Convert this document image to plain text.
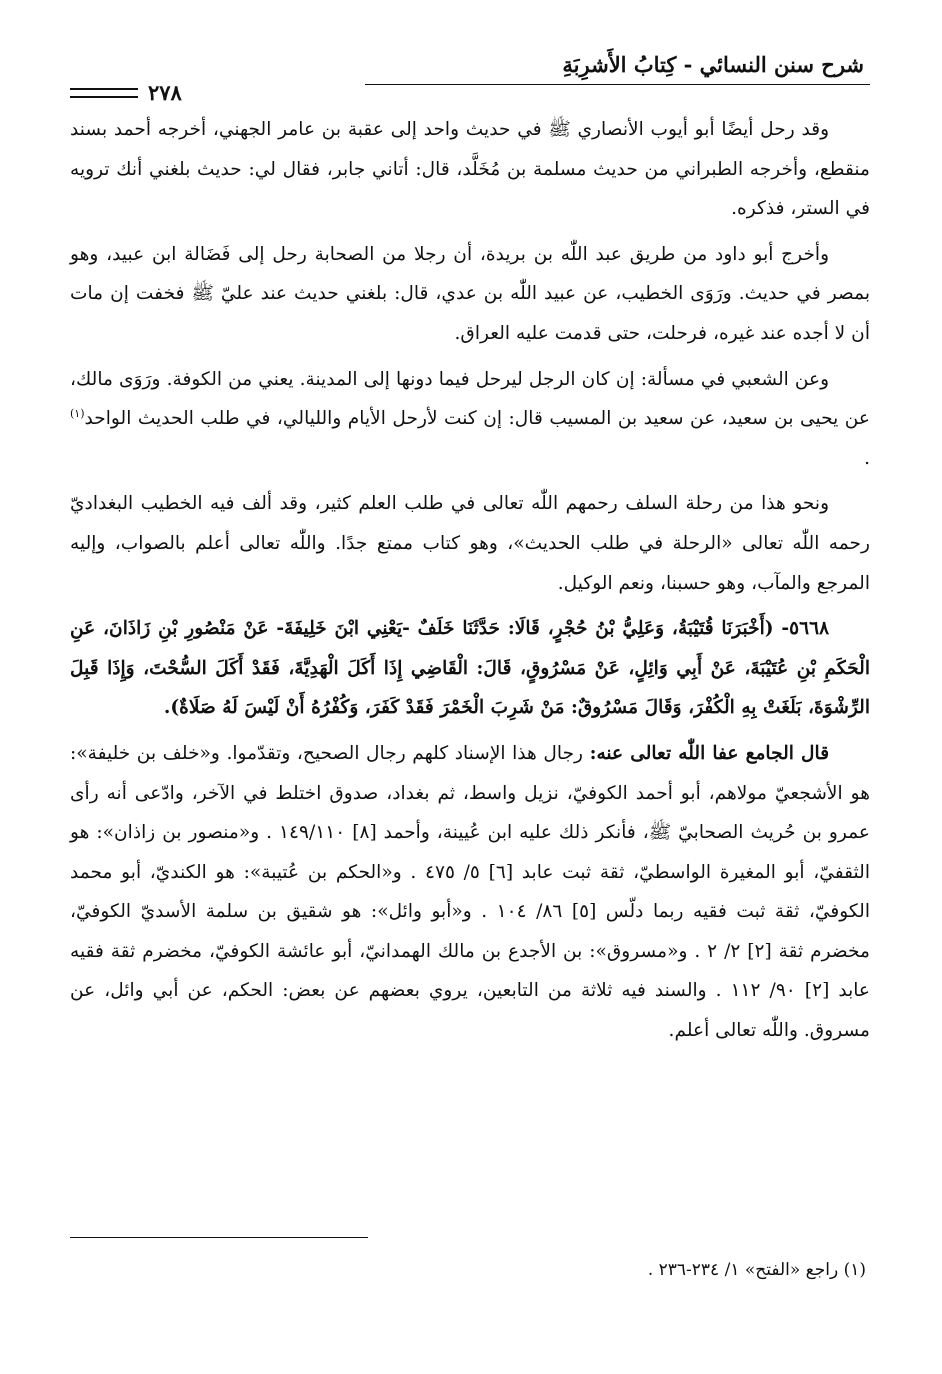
شرح سنن النسائي - كِتابُ الأَشرِبَةِ
٢٧٨

وقد رحل أيضًا أبو أيوب الأنصاري ﷺ في حديث واحد إلى عقبة بن عامر الجهني، أخرجه أحمد بسند منقطع، وأخرجه الطبراني من حديث مسلمة بن مُخَلَّد، قال: أتاني جابر، فقال لي: حديث بلغني أنك ترويه في الستر، فذكره.

وأخرج أبو داود من طريق عبد اللّٰه بن بريدة، أن رجلا من الصحابة رحل إلى فَضَالة ابن عبيد، وهو بمصر في حديث. ورَوَى الخطيب، عن عبيد اللّٰه بن عدي، قال: بلغني حديث عند عليّ ﷺ فخفت إن مات أن لا أجده عند غيره، فرحلت، حتى قدمت عليه العراق.

وعن الشعبي في مسألة: إن كان الرجل ليرحل فيما دونها إلى المدينة. يعني من الكوفة. ورَوَى مالك، عن يحيى بن سعيد، عن سعيد بن المسيب قال: إن كنت لأرحل الأيام والليالي، في طلب الحديث الواحد$^{(١)}$ .

ونحو هذا من رحلة السلف رحمهم اللّٰه تعالى في طلب العلم كثير، وقد ألف فيه الخطيب البغداديّ رحمه اللّٰه تعالى «الرحلة في طلب الحديث»، وهو كتاب ممتع جدًا. واللّٰه تعالى أعلم بالصواب، وإليه المرجع والمآب، وهو حسبنا، ونعم الوكيل.

٥٦٦٨- (أَخْبَرَنَا قُتَيْبَةُ، وَعَلِيُّ بْنُ حُجْرٍ، قَالَا: حَدَّثَنَا خَلَفٌ -يَعْنِي ابْنَ خَلِيفَةَ- عَنْ مَنْصُورِ بْنِ زَاذَانَ، عَنِ الْحَكَمِ بْنِ عُتَيْبَةَ، عَنْ أَبِي وَائِلٍ، عَنْ مَسْرُوقٍ، قَالَ: الْقَاضِي إِذَا أَكَلَ الْهَدِيَّةَ، فَقَدْ أَكَلَ السُّحْتَ، وَإِذَا قَبِلَ الرِّشْوَةَ، بَلَغَتْ بِهِ الْكُفْرَ، وَقَالَ مَسْرُوقٌ: مَنْ شَرِبَ الْخَمْرَ فَقَدْ كَفَرَ، وَكُفْرُهُ أَنْ لَيْسَ لَهُ صَلَاةٌ).

قال الجامع عفا اللّٰه تعالى عنه: رجال هذا الإسناد كلهم رجال الصحيح، وتقدّموا. و«خلف بن خليفة»: هو الأشجعيّ مولاهم، أبو أحمد الكوفيّ، نزيل واسط، ثم بغداد، صدوق اختلط في الآخر، وادّعى أنه رأى عمرو بن حُريث الصحابيّ ﷺ، فأنكر ذلك عليه ابن عُيينة، وأحمد [٨] ١٤٩/١١٠ . و«منصور بن زاذان»: هو الثقفيّ، أبو المغيرة الواسطيّ، ثقة ثبت عابد [٦] ٥/ ٤٧٥ . و«الحكم بن عُتيبة»: هو الكنديّ، أبو محمد الكوفيّ، ثقة ثبت فقيه ربما دلّس [٥] ٨٦/ ١٠٤ . و«أبو وائل»: هو شقيق بن سلمة الأسديّ الكوفيّ، مخضرم ثقة [٢] ٢/ ٢ . و«مسروق»: بن الأجدع بن مالك الهمدانيّ، أبو عائشة الكوفيّ، مخضرم ثقة فقيه عابد [٢] ٩٠/ ١١٢ . والسند فيه ثلاثة من التابعين، يروي بعضهم عن بعض: الحكم، عن أبي وائل، عن مسروق. واللّٰه تعالى أعلم.

(١) راجع «الفتح» ١/ ٢٣٤-٢٣٦ .
